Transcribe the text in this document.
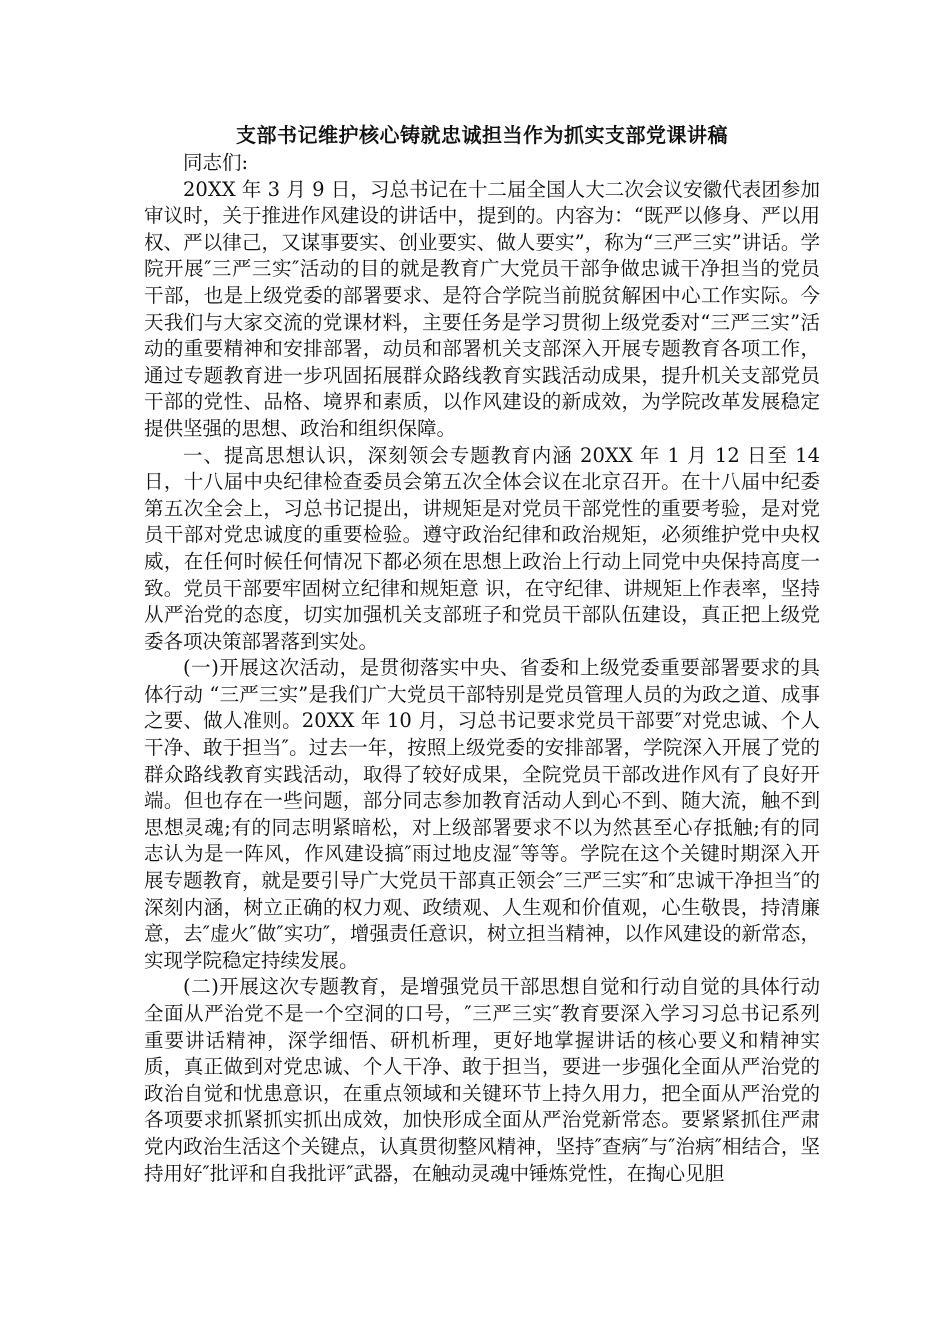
支部书记维护核心铸就忠诚担当作为抓实支部党课讲稿

同志们:

20XX 年 3 月 9 日，习总书记在十二届全国人大二次会议安徽代表团参加审议时，关于推进作风建设的讲话中，提到的。内容为：“既严以修身、严以用权、严以律己，又谋事要实、创业要实、做人要实”，称为“三严三实”讲话。学院开展″三严三实″活动的目的就是教育广大党员干部争做忠诚干净担当的党员干部，也是上级党委的部署要求、是符合学院当前脱贫解困中心工作实际。今天我们与大家交流的党课材料，主要任务是学习贯彻上级党委对“三严三实”活动的重要精神和安排部署，动员和部署机关支部深入开展专题教育各项工作，通过专题教育进一步巩固拓展群众路线教育实践活动成果，提升机关支部党员干部的党性、品格、境界和素质，以作风建设的新成效，为学院改革发展稳定提供坚强的思想、政治和组织保障。

一、提高思想认识，深刻领会专题教育内涵 20XX 年 1 月 12 日至 14 日，十八届中央纪律检查委员会第五次全体会议在北京召开。在十八届中纪委第五次全会上，习总书记提出，讲规矩是对党员干部党性的重要考验，是对党员干部对党忠诚度的重要检验。遵守政治纪律和政治规矩，必须维护党中央权威，在任何时候任何情况下都必须在思想上政治上行动上同党中央保持高度一致。党员干部要牢固树立纪律和规矩意 识，在守纪律、讲规矩上作表率，坚持从严治党的态度，切实加强机关支部班子和党员干部队伍建设，真正把上级党委各项决策部署落到实处。

(一)开展这次活动，是贯彻落实中央、省委和上级党委重要部署要求的具体行动 “三严三实”是我们广大党员干部特别是党员管理人员的为政之道、成事之要、做人准则。20XX 年 10 月，习总书记要求党员干部要″对党忠诚、个人干净、敢于担当″。过去一年，按照上级党委的安排部署，学院深入开展了党的群众路线教育实践活动，取得了较好成果，全院党员干部改进作风有了良好开端。但也存在一些问题，部分同志参加教育活动人到心不到、随大流，触不到思想灵魂;有的同志明紧暗松，对上级部署要求不以为然甚至心存抵触;有的同志认为是一阵风，作风建设搞″雨过地皮湿″等等。学院在这个关键时期深入开展专题教育，就是要引导广大党员干部真正领会″三严三实″和″忠诚干净担当″的深刻内涵，树立正确的权力观、政绩观、人生观和价值观，心生敬畏，持清廉意，去″虚火″做″实功″，增强责任意识，树立担当精神，以作风建设的新常态，实现学院稳定持续发展。

(二)开展这次专题教育，是增强党员干部思想自觉和行动自觉的具体行动 全面从严治党不是一个空洞的口号，″三严三实″教育要深入学习习总书记系列重要讲话精神，深学细悟、研机析理，更好地掌握讲话的核心要义和精神实质，真正做到对党忠诚、个人干净、敢于担当，要进一步强化全面从严治党的政治自觉和忧患意识，在重点领域和关键环节上持久用力，把全面从严治党的各项要求抓紧抓实抓出成效，加快形成全面从严治党新常态。要紧紧抓住严肃党内政治生活这个关键点，认真贯彻整风精神，坚持″查病″与″治病″相结合，坚持用好″批评和自我批评″武器，在触动灵魂中锤炼党性，在掏心见胆
